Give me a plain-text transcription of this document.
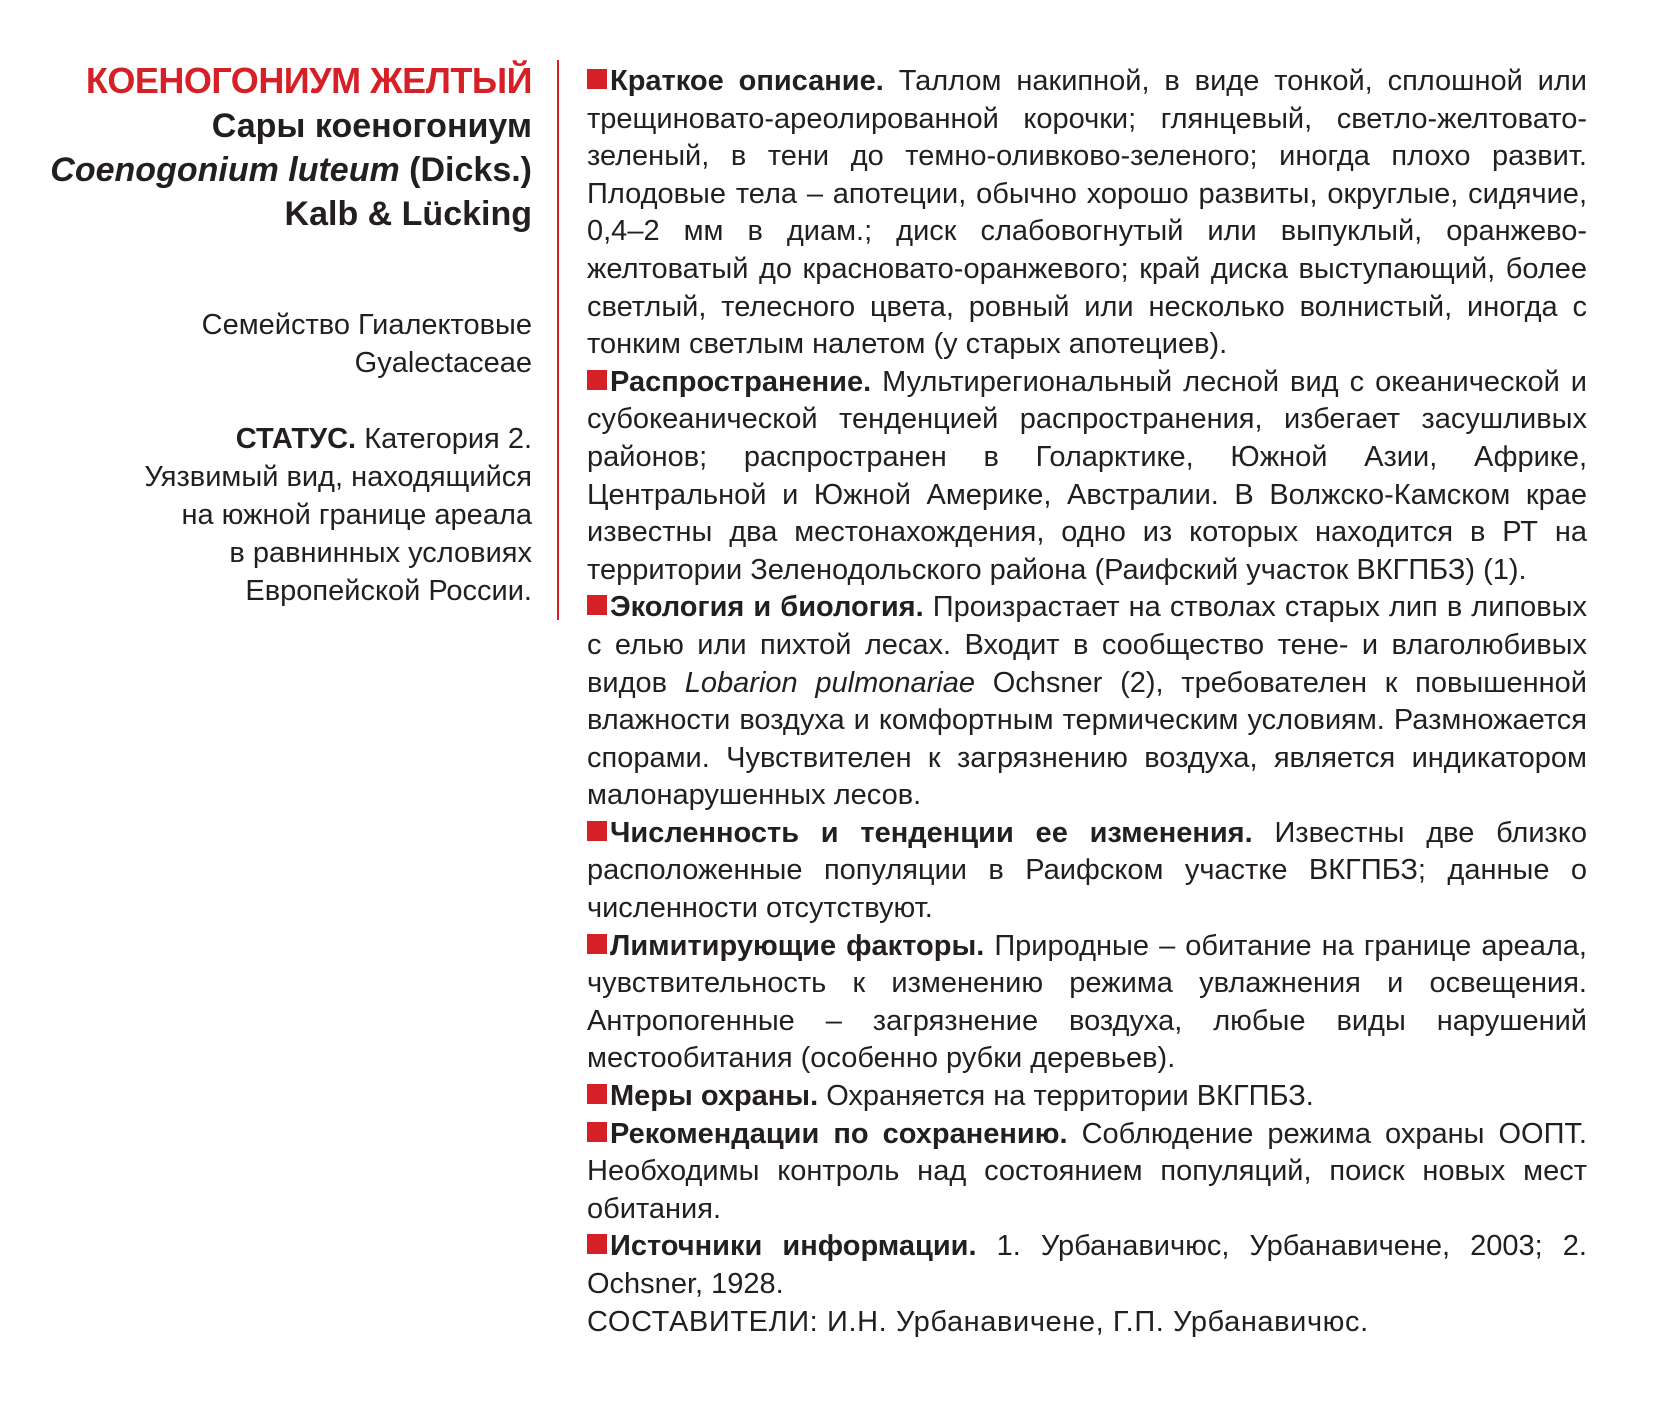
КОЕНОГОНИУМ ЖЕЛТЫЙ
Сары коеногониум
Coenogonium luteum (Dicks.)
Kalb & Lücking
Семейство Гиалектовые
Gyalectaceae
СТАТУС. Категория 2.
Уязвимый вид, находящийся
на южной границе ареала
в равнинных условиях
Европейской России.

Краткое описание. Таллом накипной, в виде тонкой, сплошной или трещиновато-ареолированной корочки; глянцевый, светло-желтовато-зеленый, в тени до темно-оливково-зеленого; иногда плохо развит. Плодовые тела – апотеции, обычно хорошо развиты, округлые, сидячие, 0,4–2 мм в диам.; диск слабовогнутый или выпуклый, оранжево-желтоватый до красновато-оранжевого; край диска выступающий, более светлый, телесного цвета, ровный или несколько волнистый, иногда с тонким светлым налетом (у старых апотециев).

Распространение. Мультирегиональный лесной вид с океанической и субокеанической тенденцией распространения, избегает засушливых районов; распространен в Голарктике, Южной Азии, Африке, Центральной и Южной Америке, Австралии. В Волжско-Камском крае известны два местонахождения, одно из которых находится в РТ на территории Зеленодольского района (Раифский участок ВКГПБЗ) (1).

Экология и биология. Произрастает на стволах старых лип в липовых с елью или пихтой лесах. Входит в сообщество тене- и влаголюбивых видов Lobarion pulmonariae Ochsner (2), требователен к повышенной влажности воздуха и комфортным термическим условиям. Размножается спорами. Чувствителен к загрязнению воздуха, является индикатором малонарушенных лесов.

Численность и тенденции ее изменения. Известны две близко расположенные популяции в Раифском участке ВКГПБЗ; данные о численности отсутствуют.

Лимитирующие факторы. Природные – обитание на границе ареала, чувствительность к изменению режима увлажнения и освещения. Антропогенные – загрязнение воздуха, любые виды нарушений местообитания (особенно рубки деревьев).

Меры охраны. Охраняется на территории ВКГПБЗ.

Рекомендации по сохранению. Соблюдение режима охраны ООПТ. Необходимы контроль над состоянием популяций, поиск новых мест обитания.

Источники информации. 1. Урбанавичюс, Урбанавичене, 2003; 2. Ochsner, 1928.

СОСТАВИТЕЛИ: И.Н. Урбанавичене, Г.П. Урбанавичюс.
